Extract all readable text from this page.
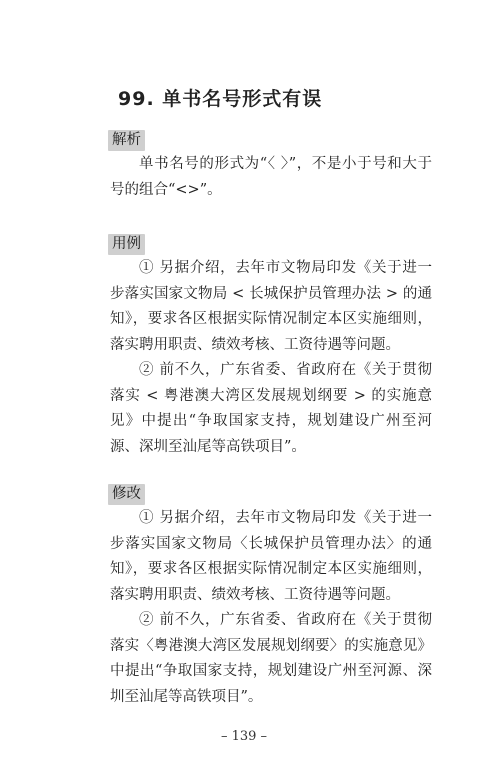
99. 单书名号形式有误
解析

单书名号的形式为“〈 〉”，不是小于号和大于号的组合“<>”。

用例

① 另据介绍，去年市文物局印发《关于进一步落实国家文物局 < 长城保护员管理办法 > 的通知》，要求各区根据实际情况制定本区实施细则，落实聘用职责、绩效考核、工资待遇等问题。

② 前不久，广东省委、省政府在《关于贯彻落实 < 粤港澳大湾区发展规划纲要 > 的实施意见》中提出“争取国家支持，规划建设广州至河源、深圳至汕尾等高铁项目”。

修改

① 另据介绍，去年市文物局印发《关于进一步落实国家文物局〈长城保护员管理办法〉的通知》，要求各区根据实际情况制定本区实施细则，落实聘用职责、绩效考核、工资待遇等问题。

② 前不久，广东省委、省政府在《关于贯彻落实〈粤港澳大湾区发展规划纲要〉的实施意见》中提出“争取国家支持，规划建设广州至河源、深圳至汕尾等高铁项目”。

– 139 –
